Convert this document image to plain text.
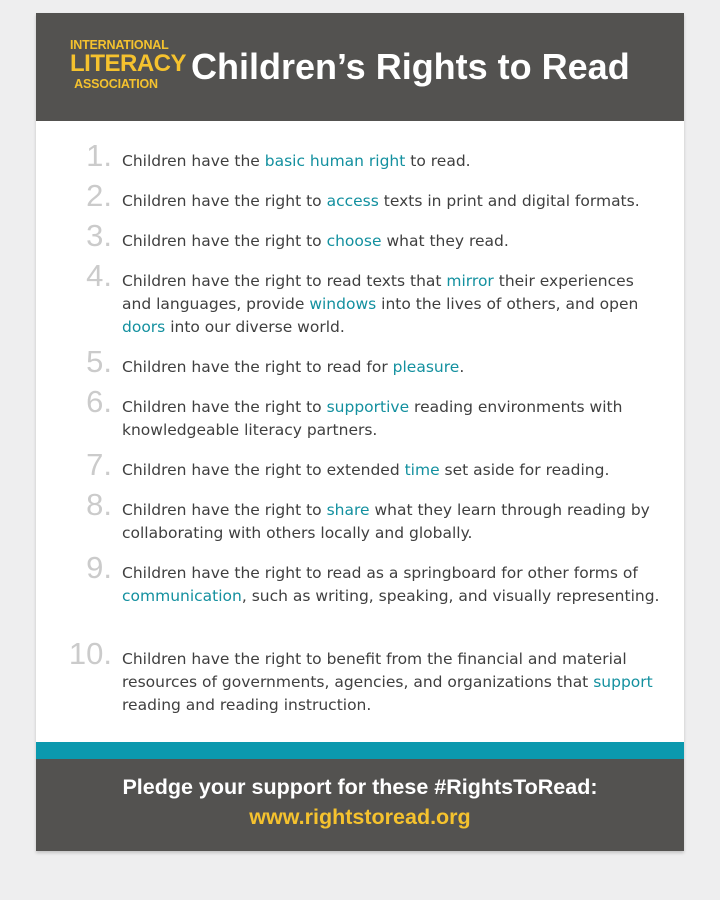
INTERNATIONAL
LITERACY
ASSOCIATION Children’s Rights to Read
1. Children have the basic human right to read.
2. Children have the right to access texts in print and digital formats.
3. Children have the right to choose what they read.
4. Children have the right to read texts that mirror their experiences and languages, provide windows into the lives of others, and open doors into our diverse world.
5. Children have the right to read for pleasure.
6. Children have the right to supportive reading environments with knowledgeable literacy partners.
7. Children have the right to extended time set aside for reading.
8. Children have the right to share what they learn through reading by collaborating with others locally and globally.
9. Children have the right to read as a springboard for other forms of communication, such as writing, speaking, and visually representing.
10. Children have the right to benefit from the financial and material resources of governments, agencies, and organizations that support reading and reading instruction.
Pledge your support for these #RightsToRead:
www.rightstoread.org
